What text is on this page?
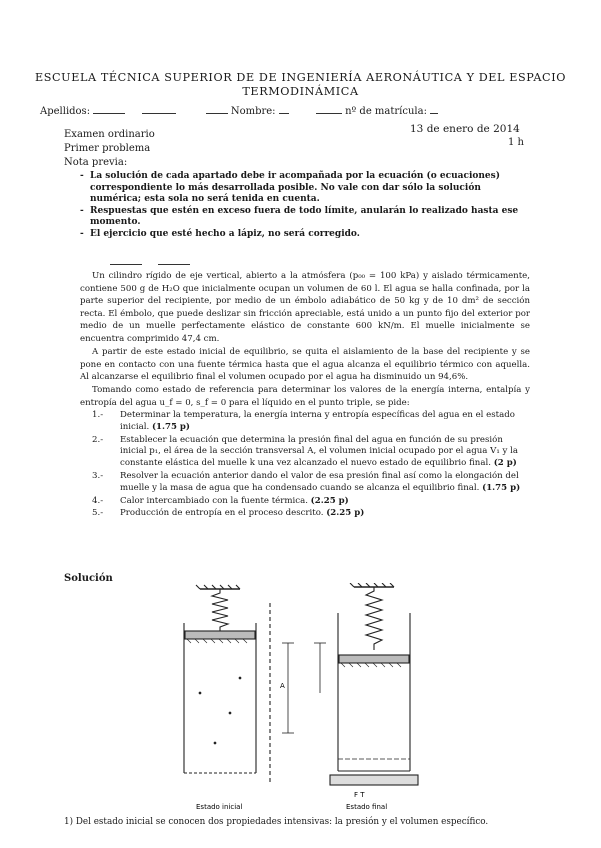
ESCUELA TÉCNICA SUPERIOR DE DE INGENIERÍA AERONÁUTICA Y DEL ESPACIO
TERMODINÁMICA
Apellidos:	Nombre:	nº de matrícula:
Examen ordinario
Primer problema
Nota previa:
13 de enero de 2014
1 h
- La solución de cada apartado debe ir acompañada por la ecuación (o ecuaciones) correspondiente lo más desarrollada posible. No vale con dar sólo la solución numérica; esta sola no será tenida en cuenta.
- Respuestas que estén en exceso fuera de todo límite, anularán lo realizado hasta ese momento.
- El ejercicio que esté hecho a lápiz, no será corregido.
Un cilindro rígido de eje vertical, abierto a la atmósfera (p₀₀ = 100 kPa) y aislado térmicamente, contiene 500 g de H₂O que inicialmente ocupan un volumen de 60 l. El agua se halla confinada, por la parte superior del recipiente, por medio de un émbolo adiabático de 50 kg y de 10 dm² de sección recta. El émbolo, que puede deslizar sin fricción apreciable, está unido a un punto fijo del exterior por medio de un muelle perfectamente elástico de constante 600 kN/m. El muelle inicialmente se encuentra comprimido 47,4 cm.
A partir de este estado inicial de equilibrio, se quita el aislamiento de la base del recipiente y se pone en contacto con una fuente térmica hasta que el agua alcanza el equilibrio térmico con aquella. Al alcanzarse el equilibrio final el volumen ocupado por el agua ha disminuido un 94,6%.
Tomando como estado de referencia para determinar los valores de la energía interna, entalpía y entropía del agua u_f = 0, s_f = 0 para el líquido en el punto triple, se pide:
1.- Determinar la temperatura, la energía interna y entropía específicas del agua en el estado inicial. (1.75 p)
2.- Establecer la ecuación que determina la presión final del agua en función de su presión inicial p₁, el área de la sección transversal A, el volumen inicial ocupado por el agua V₁ y la constante elástica del muelle k una vez alcanzado el nuevo estado de equilibrio final. (2 p)
3.- Resolver la ecuación anterior dando el valor de esa presión final así como la elongación del muelle y la masa de agua que ha condensado cuando se alcanza el equilibrio final. (1.75 p)
4.- Calor intercambiado con la fuente térmica. (2.25 p)
5.- Producción de entropía en el proceso descrito. (2.25 p)
Solución
A
F T
Estado inicial	Estado final
1) Del estado inicial se conocen dos propiedades intensivas: la presión y el volumen específico.
